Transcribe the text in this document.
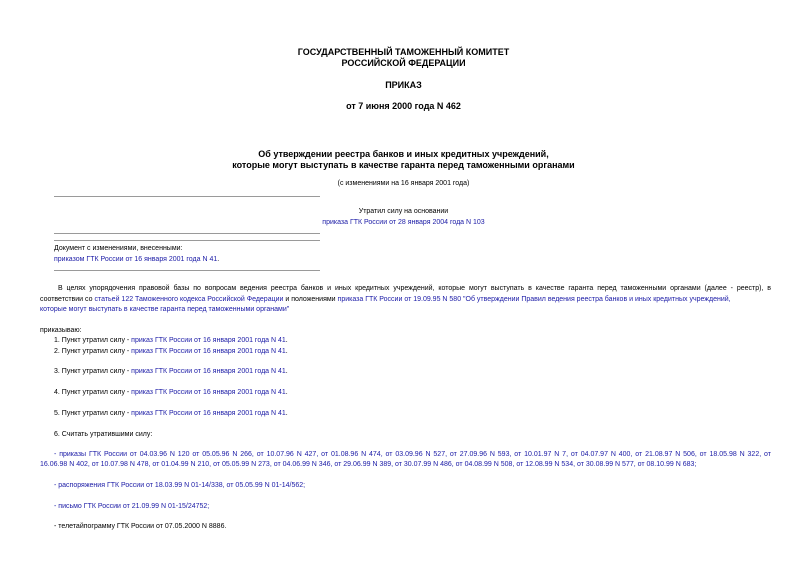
ГОСУДАРСТВЕННЫЙ ТАМОЖЕННЫЙ КОМИТЕТ
РОССИЙСКОЙ ФЕДЕРАЦИИ
ПРИКАЗ
от 7 июня 2000 года N 462
Об утверждении реестра банков и иных кредитных учреждений,
которые могут выступать в качестве гаранта перед таможенными органами
(с изменениями на 16 января 2001 года)
Утратил силу на основании
приказа ГТК России от 28 января 2004 года N 103
Документ с изменениями, внесенными:
приказом ГТК России от 16 января 2001 года N 41.
В целях упорядочения правовой базы по вопросам ведения реестра банков и иных кредитных учреждений, которые могут выступать в качестве гаранта перед таможенными органами (далее - реестр), в
соответствии со статьей 122 Таможенного кодекса Российской Федерации и положениями приказа ГТК России от 19.09.95 N 580 "Об утверждении Правил ведения реестра банков и иных кредитных учреждений,
которые могут выступать в качестве гаранта перед таможенными органами"
приказываю:
1. Пункт утратил силу - приказ ГТК России от 16 января 2001 года N 41.
2. Пункт утратил силу - приказ ГТК России от 16 января 2001 года N 41.
3. Пункт утратил силу - приказ ГТК России от 16 января 2001 года N 41.
4. Пункт утратил силу - приказ ГТК России от 16 января 2001 года N 41.
5. Пункт утратил силу - приказ ГТК России от 16 января 2001 года N 41.
6. Считать утратившими силу:
- приказы ГТК России от 04.03.96 N 120 от 05.05.96 N 266, от 10.07.96 N 427, от 01.08.96 N 474, от 03.09.96 N 527, от 27.09.96 N 593, от 10.01.97 N 7, от 04.07.97 N 400, от 21.08.97 N 506, от 18.05.98 N 322, от
16.06.98 N 402, от 10.07.98 N 478, от 01.04.99 N 210, от 05.05.99 N 273, от 04.06.99 N 346, от 29.06.99 N 389, от 30.07.99 N 486, от 04.08.99 N 508, от 12.08.99 N 534, от 30.08.99 N 577, от 08.10.99 N 683;
- распоряжения ГТК России от 18.03.99 N 01-14/338, от 05.05.99 N 01-14/562;
- письмо ГТК России от 21.09.99 N 01-15/24752;
- телетайпограмму ГТК России от 07.05.2000 N 8886.
